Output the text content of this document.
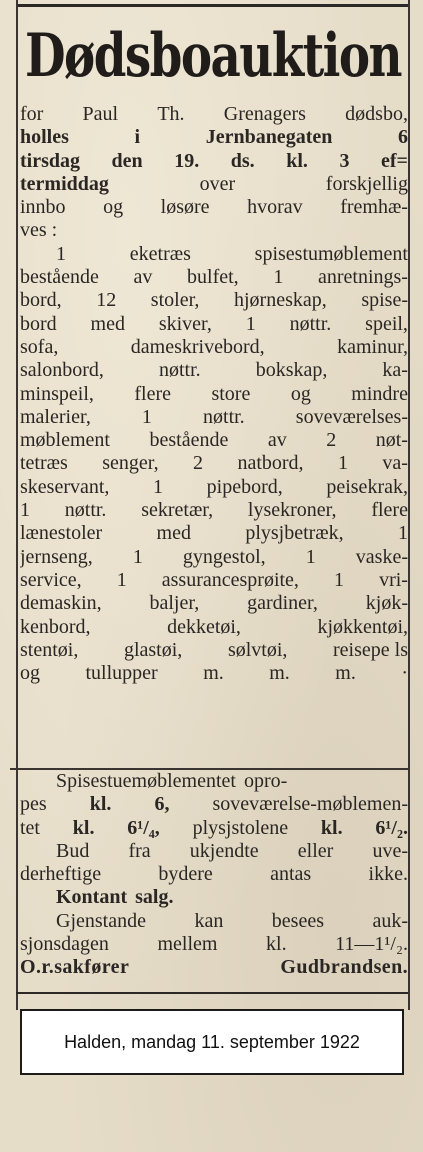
Dødsboauktion
for Paul Th. Grenagers dødsbo,
holles	i	Jernbanegaten	6
tirsdag den 19. ds. kl. 3 ef=
termiddag	over	forskjellig
innbo og løsøre hvorav fremhæ-
ves :
1	eketræs	spisestumøblement
bestående av bulfet, 1 anretnings-
bord, 12 stoler, hjørneskap, spise-
bord med skiver, 1 nøttr. speil,
sofa,	dameskrivebord,	kaminur,
salonbord,	nøttr.	bokskap,	ka-
minspeil, flere store og mindre
malerier,	1	nøttr.	soveværelses-
møblement bestående av 2 nøt-
tetræs senger, 2 natbord, 1 va-
skeservant, 1 pipebord, peisekrak,
1 nøttr. sekretær, lysekroner, flere
lænestoler	med	plysjbetræk,	1
jernseng, 1 gyngestol, 1 vaske-
service, 1 assurancesprøite, 1 vri-
demaskin, baljer, gardiner, kjøk-
kenbord,	dekketøi,	kjøkkentøi,
stentøi, glastøi, sølvtøi, reisepe ls
og tullupper m. m. m. ·
Spisestuemøblementet opro-
pes kl. 6, soveværelse-møblemen-
tet kl. 6¹/₄, plysjstolene kl. 6¹/₂.
Bud fra ukjendte eller uve-
derheftige	bydere	antas	ikke.
Kontant salg.
Gjenstande kan besees auk-
sjonsdagen mellem kl. 11—1¹/₂.
O.r.sakfører	Gudbrandsen.
Halden, mandag 11. september 1922
